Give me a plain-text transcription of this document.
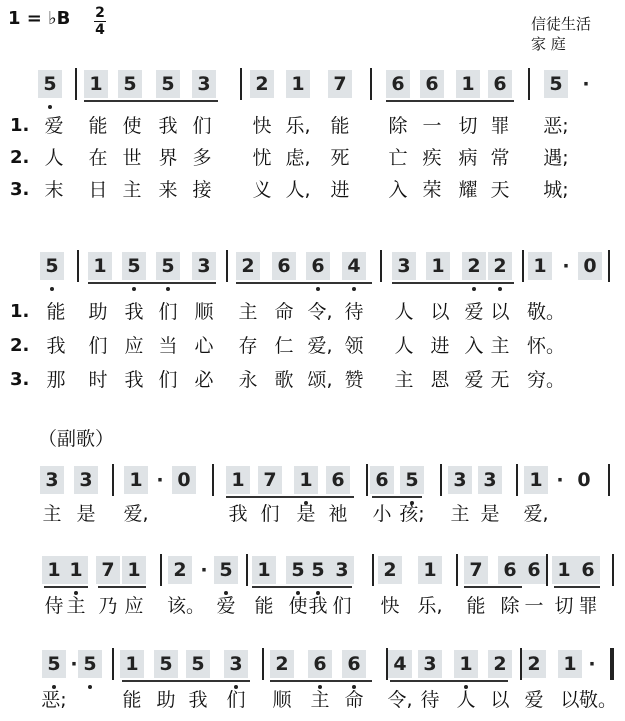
1 = ♭B 2
4	信徒生活
家 庭
5 1 5 5 3 2 1 7 6 6 1 6 5	·
1. 爱 能 使 我 们 快 乐, 能 除 一 切 罪 恶;
2. 人 在 世 界 多 忧 虑, 死 亡 疾 病 常 遇;
3. 末 日 主 来 接 义 人, 进 入 荣 耀 天 城;
5 1 5 5 3 2 6 6 4 3 1 2 2 1 · 0
1. 能 助 我 们 顺 主 命 令, 待 人 以 爱 以 敬。
2. 我 们 应 当 心 存 仁 爱, 领 人 进 入 主 怀。
3. 那 时 我 们 必 永 歌 颂, 赞 主 恩 爱 无 穷。
（副歌）
3 3 1 · 0 1 7 1 6 6 5 3 3 1 · 0
主 是 爱,	我 们 是 祂 小 孩; 主 是 爱,
1 1 7 1 2 · 5 1 5 5 3 2 1 7 6 6 1 6
侍 主 乃 应 该。 爱 能 使 我 们 快 乐, 能 除 一 切 罪
5 · 5 1 5 5 3 2 6 6 4 3 1 2 2 1 ·
恶;	能 助 我 们 顺 主 命 令, 待 人 以 爱 以 敬。
